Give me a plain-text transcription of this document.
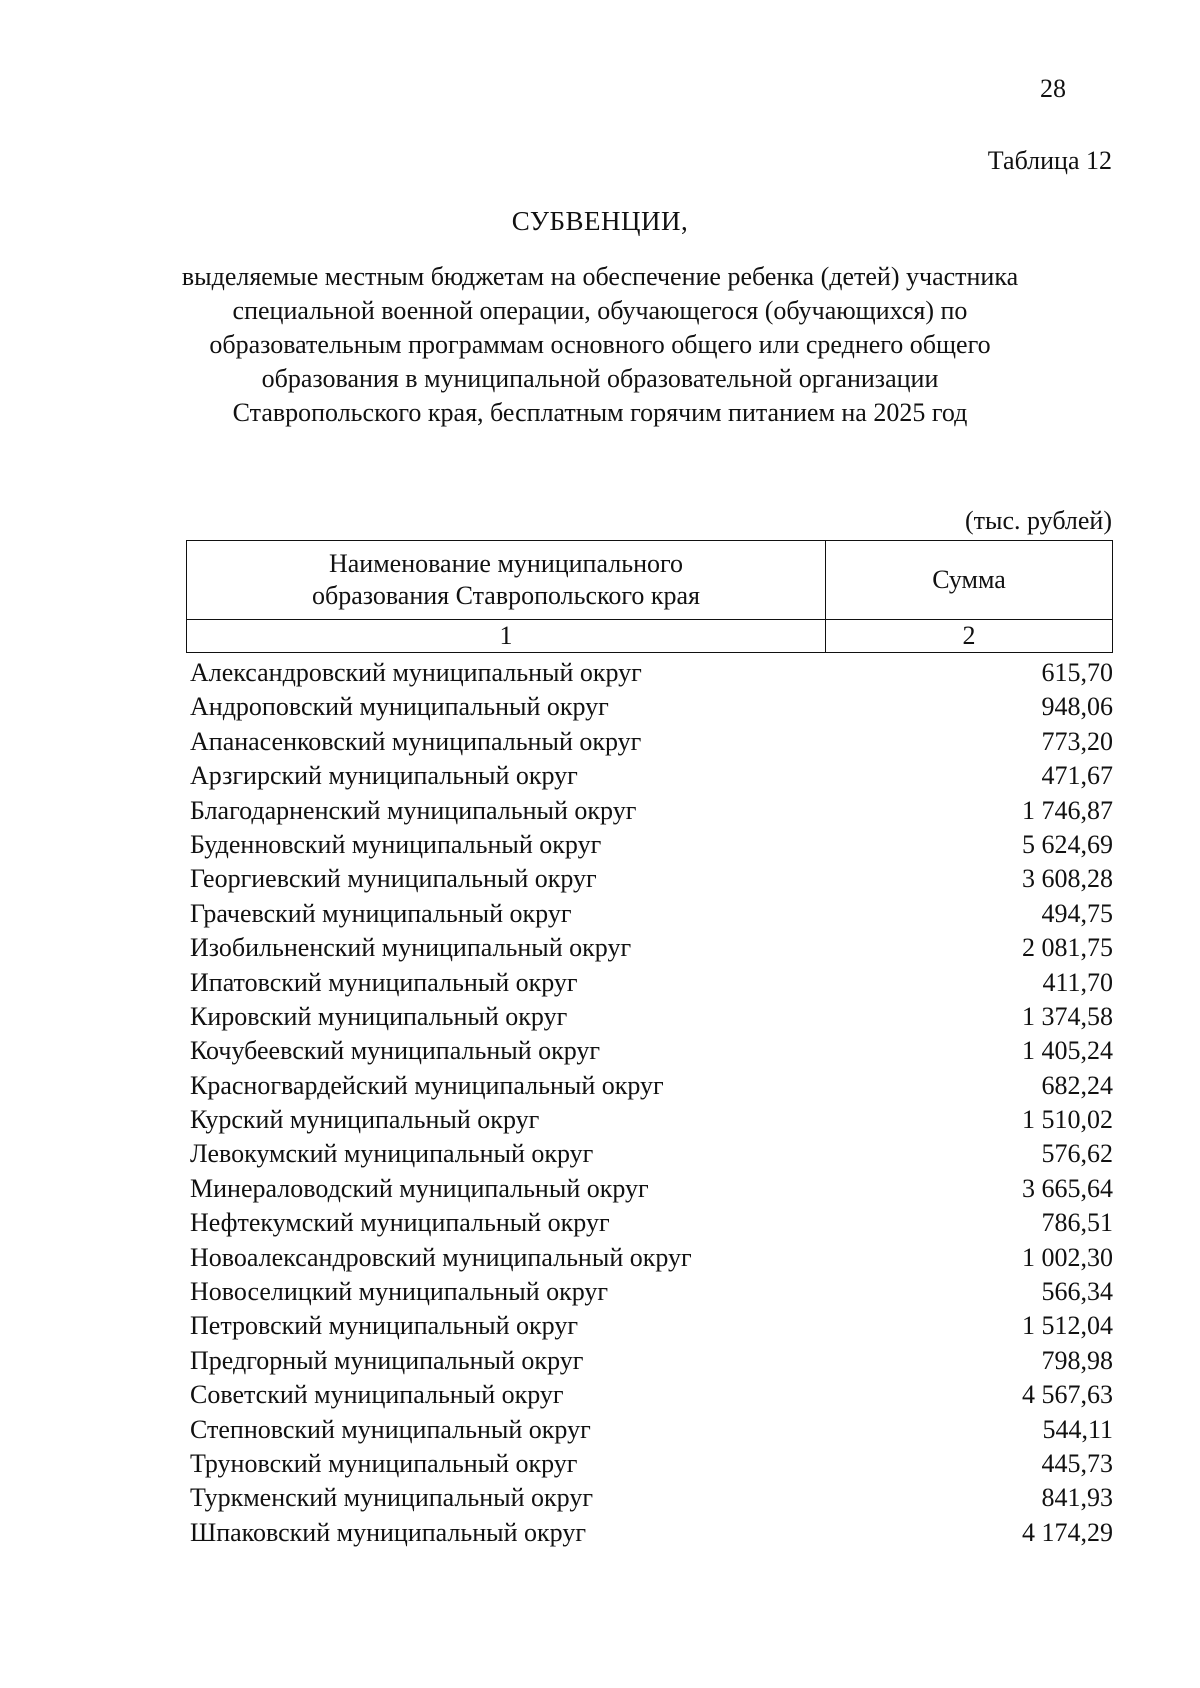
28
Таблица 12
СУБВЕНЦИИ,
выделяемые местным бюджетам на обеспечение ребенка (детей) участника
специальной военной операции, обучающегося (обучающихся) по
образовательным программам основного общего или среднего общего
образования в муниципальной образовательной организации
Ставропольского края, бесплатным горячим питанием на 2025 год
(тыс. рублей)
Наименование муниципального
образования Ставропольского края	Сумма
1	2
Александровский муниципальный округ	615,70
Андроповский муниципальный округ	948,06
Апанасенковский муниципальный округ	773,20
Арзгирский муниципальный округ	471,67
Благодарненский муниципальный округ	1 746,87
Буденновский муниципальный округ	5 624,69
Георгиевский муниципальный округ	3 608,28
Грачевский муниципальный округ	494,75
Изобильненский муниципальный округ	2 081,75
Ипатовский муниципальный округ	411,70
Кировский муниципальный округ	1 374,58
Кочубеевский муниципальный округ	1 405,24
Красногвардейский муниципальный округ	682,24
Курский муниципальный округ	1 510,02
Левокумский муниципальный округ	576,62
Минераловодский муниципальный округ	3 665,64
Нефтекумский муниципальный округ	786,51
Новоалександровский муниципальный округ	1 002,30
Новоселицкий муниципальный округ	566,34
Петровский муниципальный округ	1 512,04
Предгорный муниципальный округ	798,98
Советский муниципальный округ	4 567,63
Степновский муниципальный округ	544,11
Труновский муниципальный округ	445,73
Туркменский муниципальный округ	841,93
Шпаковский муниципальный округ	4 174,29
